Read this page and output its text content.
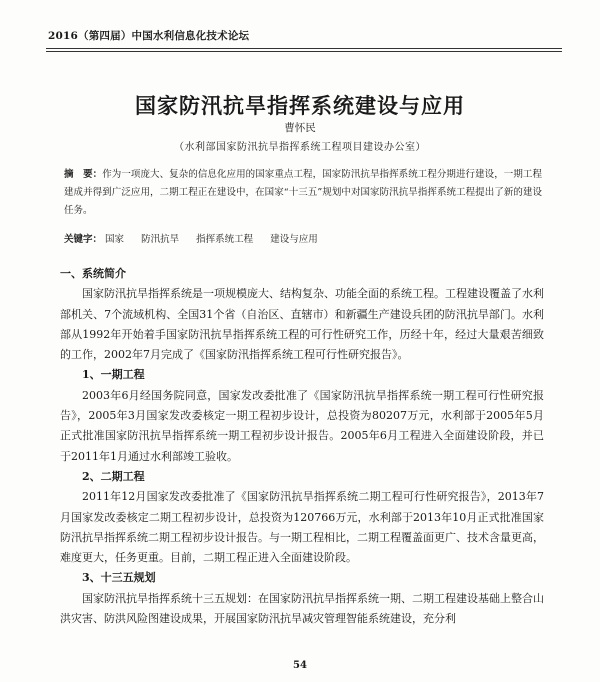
2016（第四届）中国水利信息化技术论坛
国家防汛抗旱指挥系统建设与应用
曹怀民
（水利部国家防汛抗旱指挥系统工程项目建设办公室）
摘　要：作为一项庞大、复杂的信息化应用的国家重点工程，国家防汛抗旱指挥系统工程分期进行建设，一期工程建成并得到广泛应用，二期工程正在建设中，在国家“十三五”规划中对国家防汛抗旱指挥系统工程提出了新的建设任务。
关键字： 国家 防汛抗旱 指挥系统工程 建设与应用
一、系统简介

国家防汛抗旱指挥系统是一项规模庞大、结构复杂、功能全面的系统工程。工程建设覆盖了水利部机关、7个流域机构、全国31个省（自治区、直辖市）和新疆生产建设兵团的防汛抗旱部门。水利部从1992年开始着手国家防汛抗旱指挥系统工程的可行性研究工作，历经十年，经过大量艰苦细致的工作，2002年7月完成了《国家防汛指挥系统工程可行性研究报告》。

1、一期工程

2003年6月经国务院同意，国家发改委批准了《国家防汛抗旱指挥系统一期工程可行性研究报告》，2005年3月国家发改委核定一期工程初步设计，总投资为80207万元，水利部于2005年5月正式批准国家防汛抗旱指挥系统一期工程初步设计报告。2005年6月工程进入全面建设阶段，并已于2011年1月通过水利部竣工验收。

2、二期工程

2011年12月国家发改委批准了《国家防汛抗旱指挥系统二期工程可行性研究报告》，2013年7月国家发改委核定二期工程初步设计，总投资为120766万元，水利部于2013年10月正式批准国家防汛抗旱指挥系统二期工程初步设计报告。与一期工程相比，二期工程覆盖面更广、技术含量更高，难度更大，任务更重。目前，二期工程正进入全面建设阶段。

3、十三五规划

国家防汛抗旱指挥系统十三五规划：在国家防汛抗旱指挥系统一期、二期工程建设基础上整合山洪灾害、防洪风险图建设成果，开展国家防汛抗旱减灾管理智能系统建设，充分利

54
